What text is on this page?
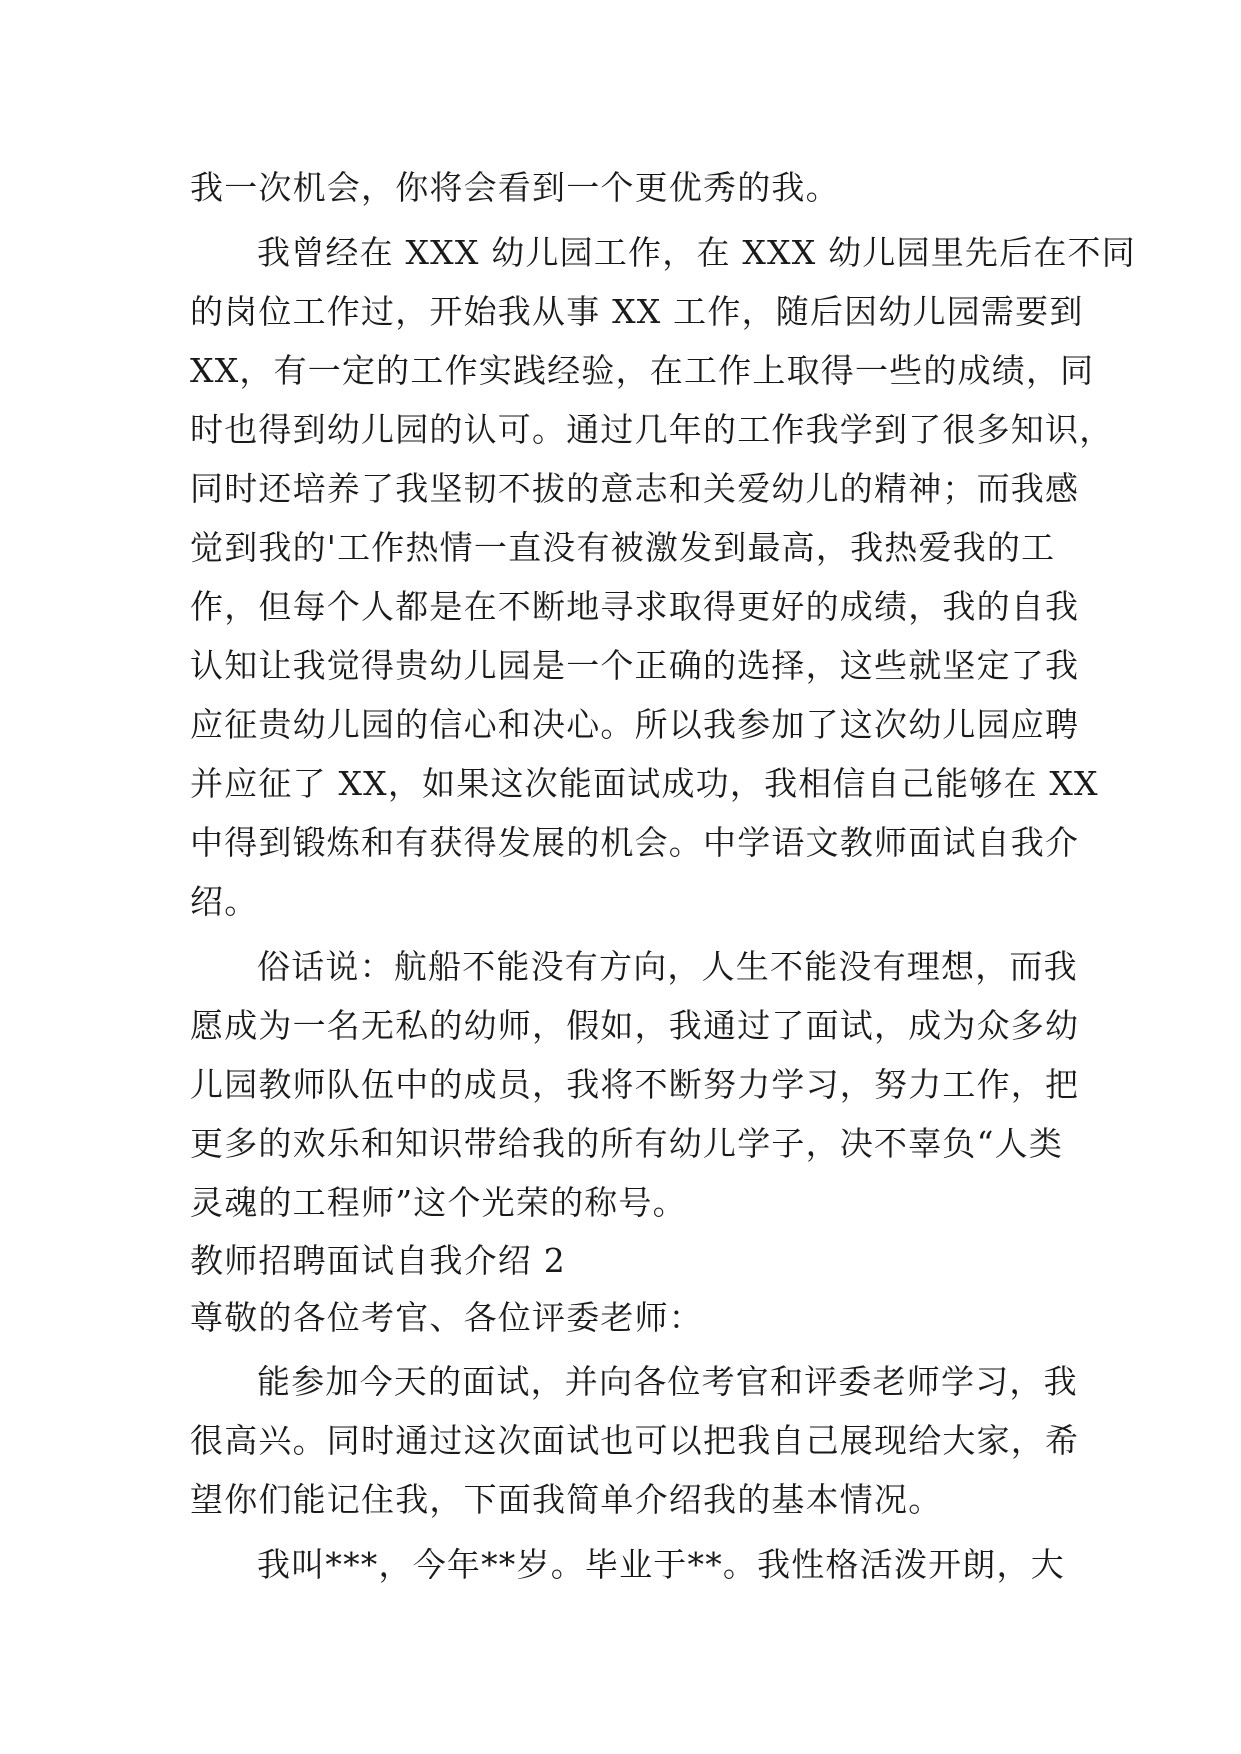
我一次机会，你将会看到一个更优秀的我。
我曾经在 XXX 幼儿园工作，在 XXX 幼儿园里先后在不同
的岗位工作过，开始我从事 XX 工作，随后因幼儿园需要到
XX，有一定的工作实践经验，在工作上取得一些的成绩，同
时也得到幼儿园的认可。通过几年的工作我学到了很多知识，
同时还培养了我坚韧不拔的意志和关爱幼儿的精神；而我感
觉到我的'工作热情一直没有被激发到最高，我热爱我的工
作，但每个人都是在不断地寻求取得更好的成绩，我的自我
认知让我觉得贵幼儿园是一个正确的选择，这些就坚定了我
应征贵幼儿园的信心和决心。所以我参加了这次幼儿园应聘
并应征了 XX，如果这次能面试成功，我相信自己能够在 XX
中得到锻炼和有获得发展的机会。中学语文教师面试自我介
绍。
俗话说：航船不能没有方向，人生不能没有理想，而我
愿成为一名无私的幼师，假如，我通过了面试，成为众多幼
儿园教师队伍中的成员，我将不断努力学习，努力工作，把
更多的欢乐和知识带给我的所有幼儿学子，决不辜负“人类
灵魂的工程师”这个光荣的称号。
教师招聘面试自我介绍 2
尊敬的各位考官、各位评委老师：
能参加今天的面试，并向各位考官和评委老师学习，我
很高兴。同时通过这次面试也可以把我自己展现给大家，希
望你们能记住我，下面我简单介绍我的基本情况。
我叫***，今年**岁。毕业于**。我性格活泼开朗，大
